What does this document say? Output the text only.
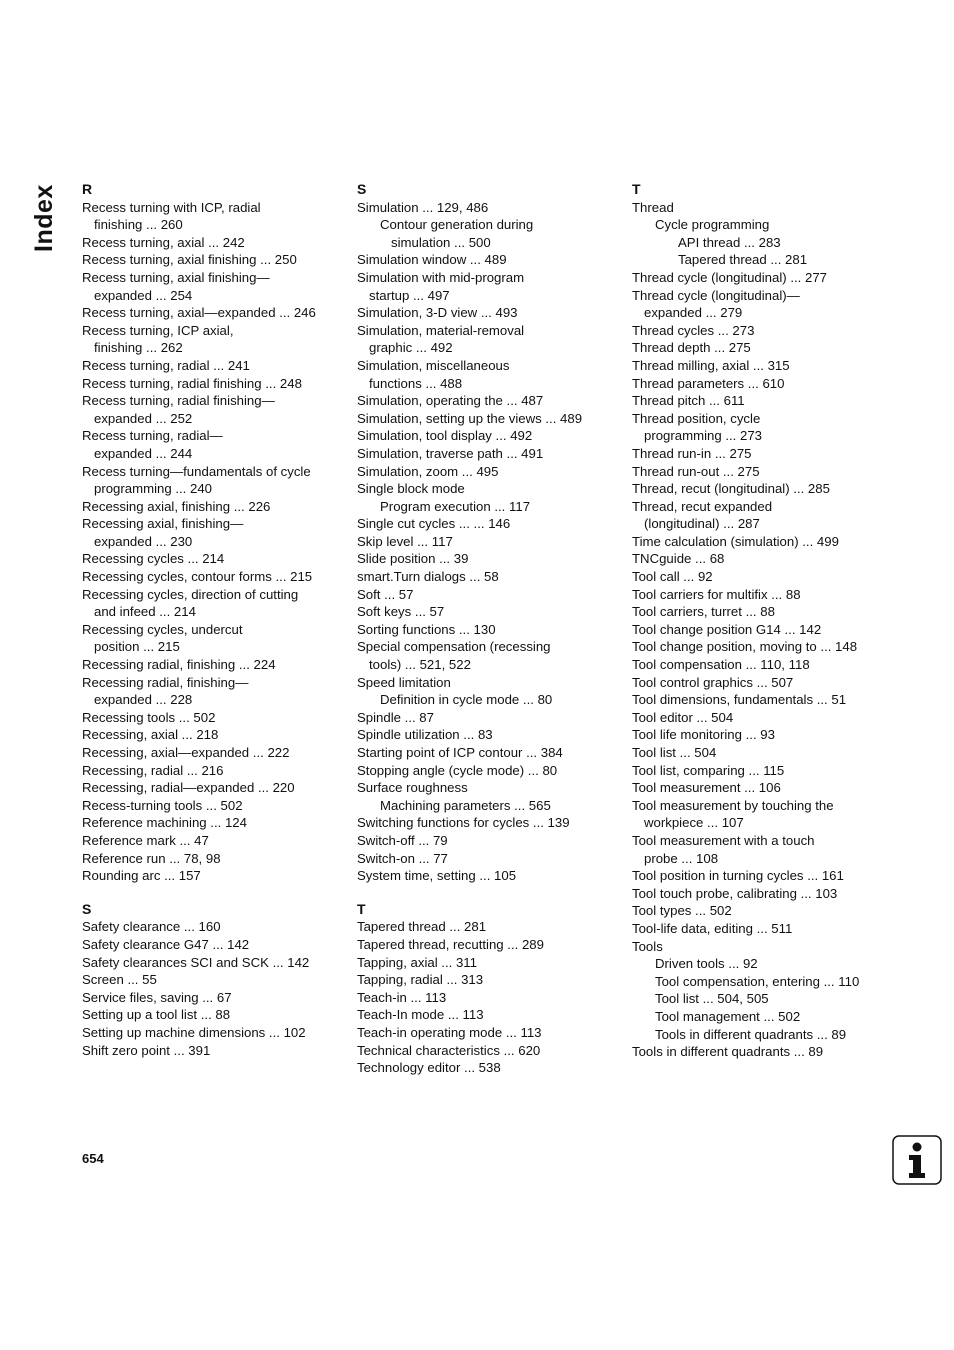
Index R
Recess turning with ICP, radial
finishing ... 260
Recess turning, axial ... 242
Recess turning, axial finishing ... 250
Recess turning, axial finishing—
expanded ... 254
Recess turning, axial—expanded ... 246
Recess turning, ICP axial,
finishing ... 262
Recess turning, radial ... 241
Recess turning, radial finishing ... 248
Recess turning, radial finishing—
expanded ... 252
Recess turning, radial—
expanded ... 244
Recess turning—fundamentals of cycle
programming ... 240
Recessing axial, finishing ... 226
Recessing axial, finishing—
expanded ... 230
Recessing cycles ... 214
Recessing cycles, contour forms ... 215
Recessing cycles, direction of cutting
and infeed ... 214
Recessing cycles, undercut
position ... 215
Recessing radial, finishing ... 224
Recessing radial, finishing—
expanded ... 228
Recessing tools ... 502
Recessing, axial ... 218
Recessing, axial—expanded ... 222
Recessing, radial ... 216
Recessing, radial—expanded ... 220
Recess-turning tools ... 502
Reference machining ... 124
Reference mark ... 47
Reference run ... 78, 98
Rounding arc ... 157
S
Safety clearance ... 160
Safety clearance G47 ... 142
Safety clearances SCI and SCK ... 142
Screen ... 55
Service files, saving ... 67
Setting up a tool list ... 88
Setting up machine dimensions ... 102
Shift zero point ... 391
S
Simulation ... 129, 486
Contour generation during
simulation ... 500
Simulation window ... 489
Simulation with mid-program
startup ... 497
Simulation, 3-D view ... 493
Simulation, material-removal
graphic ... 492
Simulation, miscellaneous
functions ... 488
Simulation, operating the ... 487
Simulation, setting up the views ... 489
Simulation, tool display ... 492
Simulation, traverse path ... 491
Simulation, zoom ... 495
Single block mode
Program execution ... 117
Single cut cycles ... ... 146
Skip level ... 117
Slide position ... 39
smart.Turn dialogs ... 58
Soft ... 57
Soft keys ... 57
Sorting functions ... 130
Special compensation (recessing
tools) ... 521, 522
Speed limitation
Definition in cycle mode ... 80
Spindle ... 87
Spindle utilization ... 83
Starting point of ICP contour ... 384
Stopping angle (cycle mode) ... 80
Surface roughness
Machining parameters ... 565
Switching functions for cycles ... 139
Switch-off ... 79
Switch-on ... 77
System time, setting ... 105
T
Tapered thread ... 281
Tapered thread, recutting ... 289
Tapping, axial ... 311
Tapping, radial ... 313
Teach-in ... 113
Teach-In mode ... 113
Teach-in operating mode ... 113
Technical characteristics ... 620
Technology editor ... 538
T
Thread
Cycle programming
API thread ... 283
Tapered thread ... 281
Thread cycle (longitudinal) ... 277
Thread cycle (longitudinal)—
expanded ... 279
Thread cycles ... 273
Thread depth ... 275
Thread milling, axial ... 315
Thread parameters ... 610
Thread pitch ... 611
Thread position, cycle
programming ... 273
Thread run-in ... 275
Thread run-out ... 275
Thread, recut (longitudinal) ... 285
Thread, recut expanded
(longitudinal) ... 287
Time calculation (simulation) ... 499
TNCguide ... 68
Tool call ... 92
Tool carriers for multifix ... 88
Tool carriers, turret ... 88
Tool change position G14 ... 142
Tool change position, moving to ... 148
Tool compensation ... 110, 118
Tool control graphics ... 507
Tool dimensions, fundamentals ... 51
Tool editor ... 504
Tool life monitoring ... 93
Tool list ... 504
Tool list, comparing ... 115
Tool measurement ... 106
Tool measurement by touching the
workpiece ... 107
Tool measurement with a touch
probe ... 108
Tool position in turning cycles ... 161
Tool touch probe, calibrating ... 103
Tool types ... 502
Tool-life data, editing ... 511
Tools
Driven tools ... 92
Tool compensation, entering ... 110
Tool list ... 504, 505
Tool management ... 502
Tools in different quadrants ... 89
Tools in different quadrants ... 89
654
